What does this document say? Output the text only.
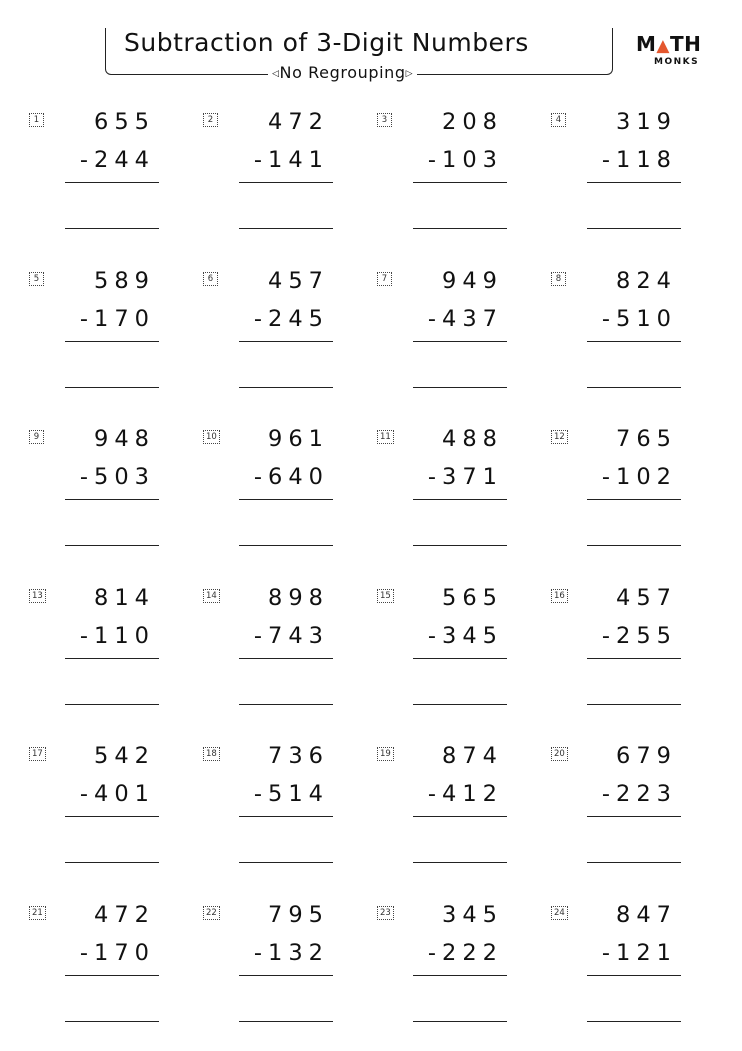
Subtraction of 3-Digit Numbers
◁No Regrouping▷
M▲TH
MONKS
1	655
-244
2	472
-141
3	208
-103
4	319
-118
5	589
-170
6	457
-245
7	949
-437
8	824
-510
9	948
-503
10	961
-640
11	488
-371
12	765
-102
13	814
-110
14	898
-743
15	565
-345
16	457
-255
17	542
-401
18	736
-514
19	874
-412
20	679
-223
21	472
-170
22	795
-132
23	345
-222
24	847
-121
